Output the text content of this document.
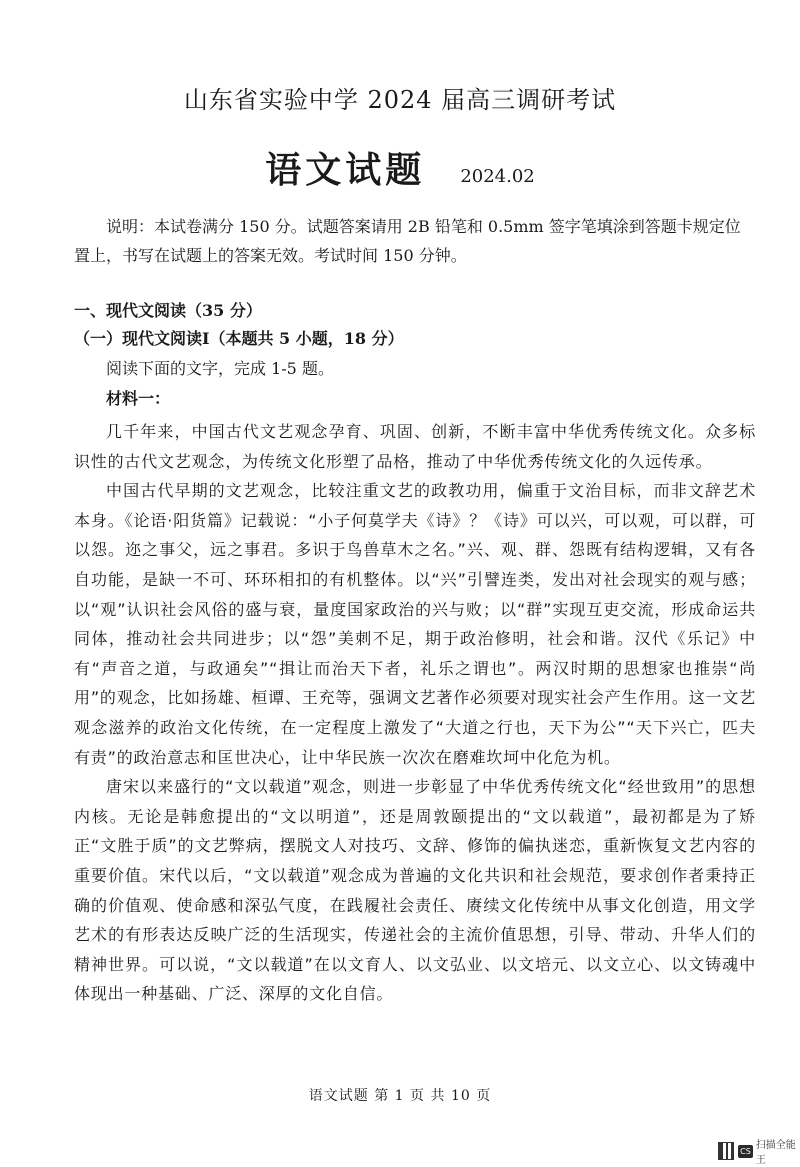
山东省实验中学 2024 届高三调研考试
语文试题 2024.02

说明：本试卷满分 150 分。试题答案请用 2B 铅笔和 0.5mm 签字笔填涂到答题卡规定位置上，书写在试题上的答案无效。考试时间 150 分钟。

一、现代文阅读（35 分）

（一）现代文阅读Ⅰ（本题共 5 小题，18 分）

阅读下面的文字，完成 1-5 题。

材料一：

几千年来，中国古代文艺观念孕育、巩固、创新，不断丰富中华优秀传统文化。众多标识性的古代文艺观念，为传统文化形塑了品格，推动了中华优秀传统文化的久远传承。

中国古代早期的文艺观念，比较注重文艺的政教功用，偏重于文治目标，而非文辞艺术本身。《论语·阳货篇》记载说：“小子何莫学夫《诗》？《诗》可以兴，可以观，可以群，可以怨。迩之事父，远之事君。多识于鸟兽草木之名。”兴、观、群、怨既有结构逻辑，又有各自功能，是缺一不可、环环相扣的有机整体。以“兴”引譬连类，发出对社会现实的观与感；以“观”认识社会风俗的盛与衰，量度国家政治的兴与败；以“群”实现互吏交流，形成命运共同体，推动社会共同进步；以“怨”美刺不足，期于政治修明，社会和谐。汉代《乐记》中有“声音之道，与政通矣”“揖让而治天下者，礼乐之谓也”。两汉时期的思想家也推崇“尚用”的观念，比如扬雄、桓谭、王充等，强调文艺著作必须要对现实社会产生作用。这一文艺观念滋养的政治文化传统，在一定程度上激发了“大道之行也，天下为公”“天下兴亡，匹夫有责”的政治意志和匡世决心，让中华民族一次次在磨难坎坷中化危为机。

唐宋以来盛行的“文以载道”观念，则进一步彰显了中华优秀传统文化“经世致用”的思想内核。无论是韩愈提出的“文以明道”，还是周敦颐提出的“文以载道”，最初都是为了矫正“文胜于质”的文艺弊病，摆脱文人对技巧、文辞、修饰的偏执迷恋，重新恢复文艺内容的重要价值。宋代以后，“文以载道”观念成为普遍的文化共识和社会规范，要求创作者秉持正确的价值观、使命感和深弘气度，在践履社会责任、赓续文化传统中从事文化创造，用文学艺术的有形表达反映广泛的生活现实，传递社会的主流价值思想，引导、带动、升华人们的精神世界。可以说，“文以载道”在以文育人、以文弘业、以文培元、以文立心、以文铸魂中体现出一种基础、广泛、深厚的文化自信。

语文试题 第 1 页 共 10 页
CS 扫描全能王
